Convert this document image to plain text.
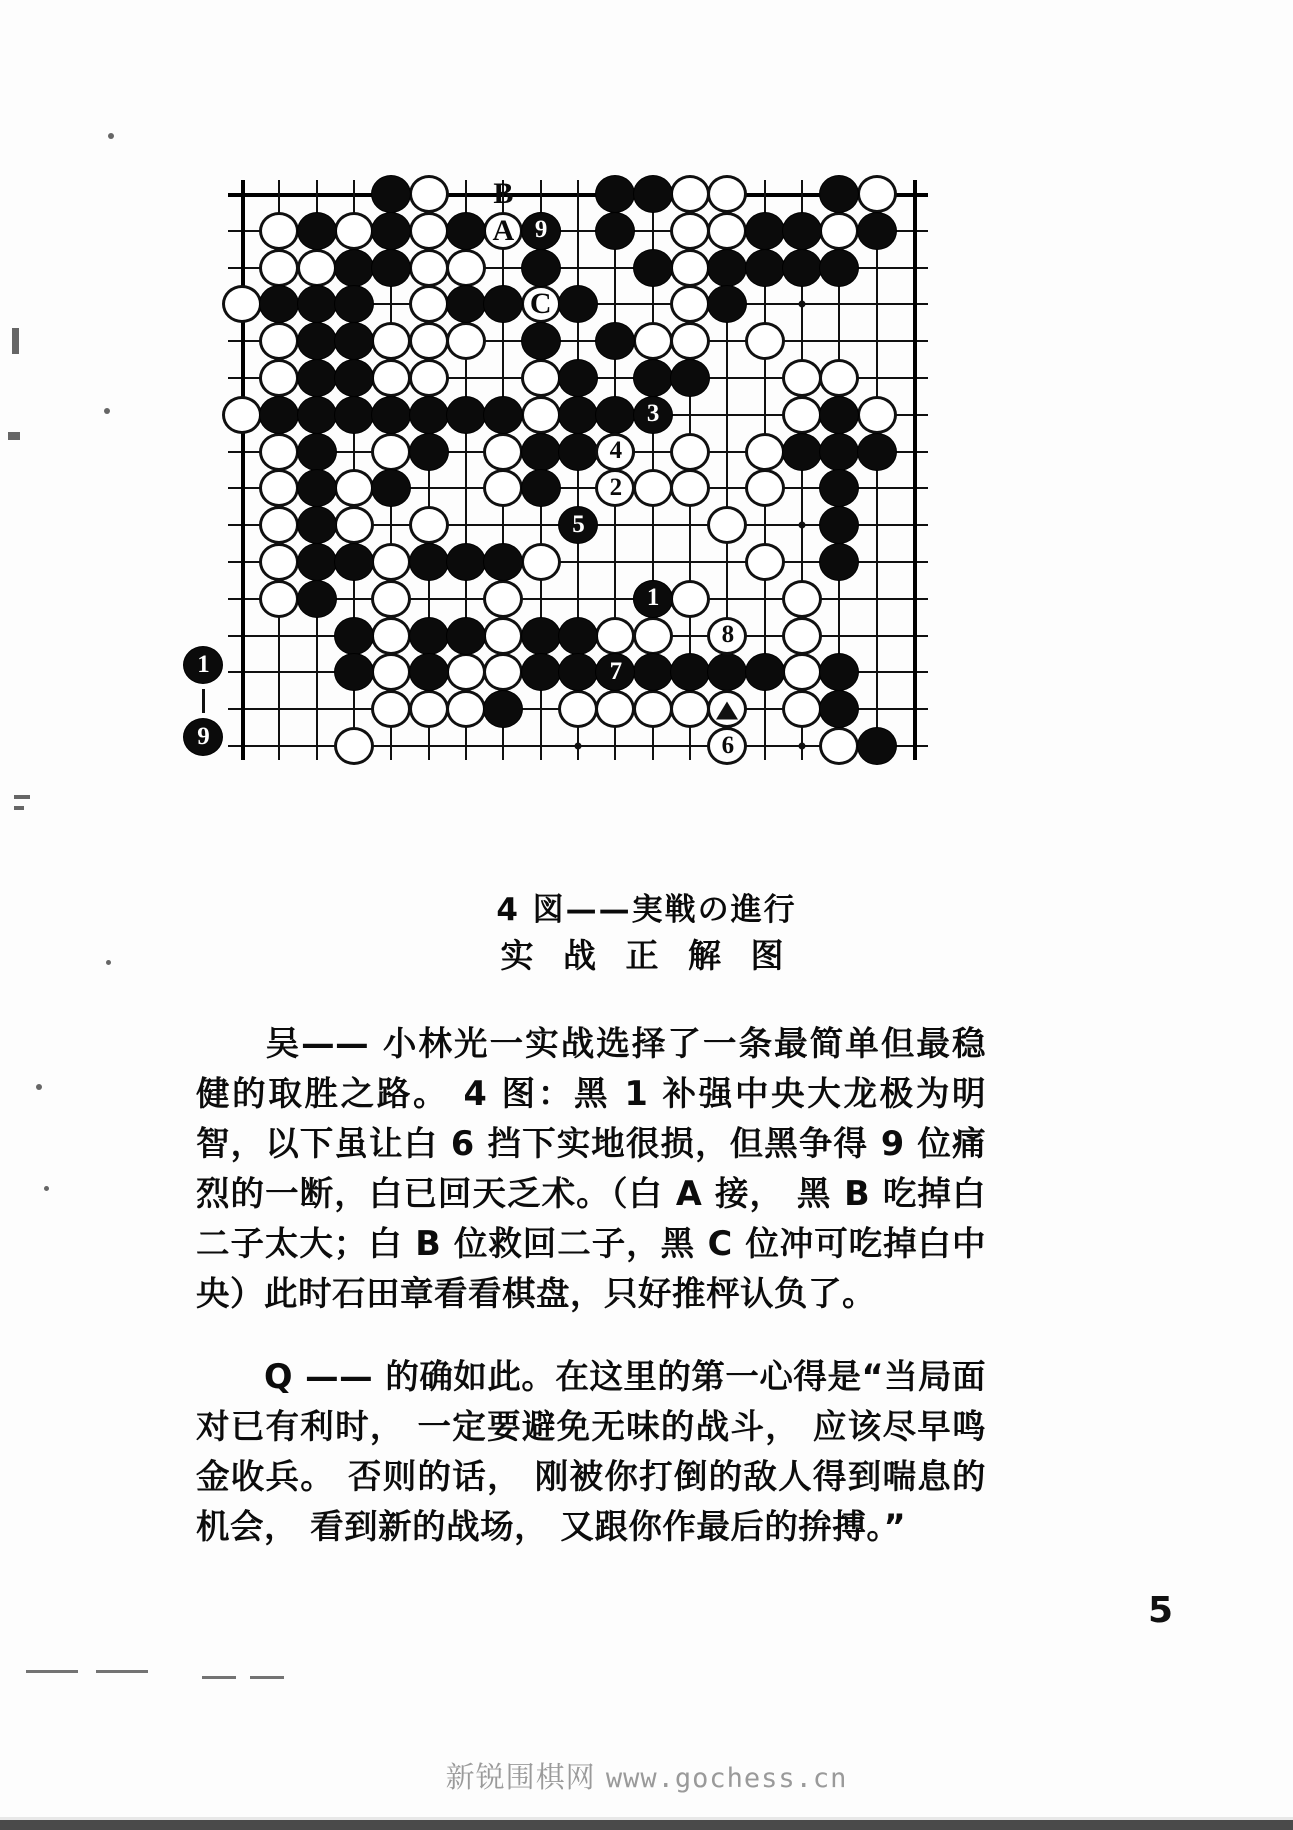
9
3
4
2
5
1
8
7
6
B
A
C
1
9
4 図——実戦の進行
实 战 正 解 图

吴—— 小林光一实战选择了一条最简单但最稳健的取胜之路。 4 图：黑 1 补强中央大龙极为明智，以下虽让白 6 挡下实地很损，但黑争得 9 位痛烈的一断，白已回天乏术。（白 A 接， 黑 B 吃掉白二子太大；白 B 位救回二子，黑 C 位冲可吃掉白中央）此时石田章看看棋盘，只好推枰认负了。

Q —— 的确如此。在这里的第一心得是“当局面对已有利时， 一定要避免无味的战斗， 应该尽早鸣金收兵。 否则的话， 刚被你打倒的敌人得到喘息的机会， 看到新的战场， 又跟你作最后的拚搏。”

5
新锐围棋网 www.gochess.cn
